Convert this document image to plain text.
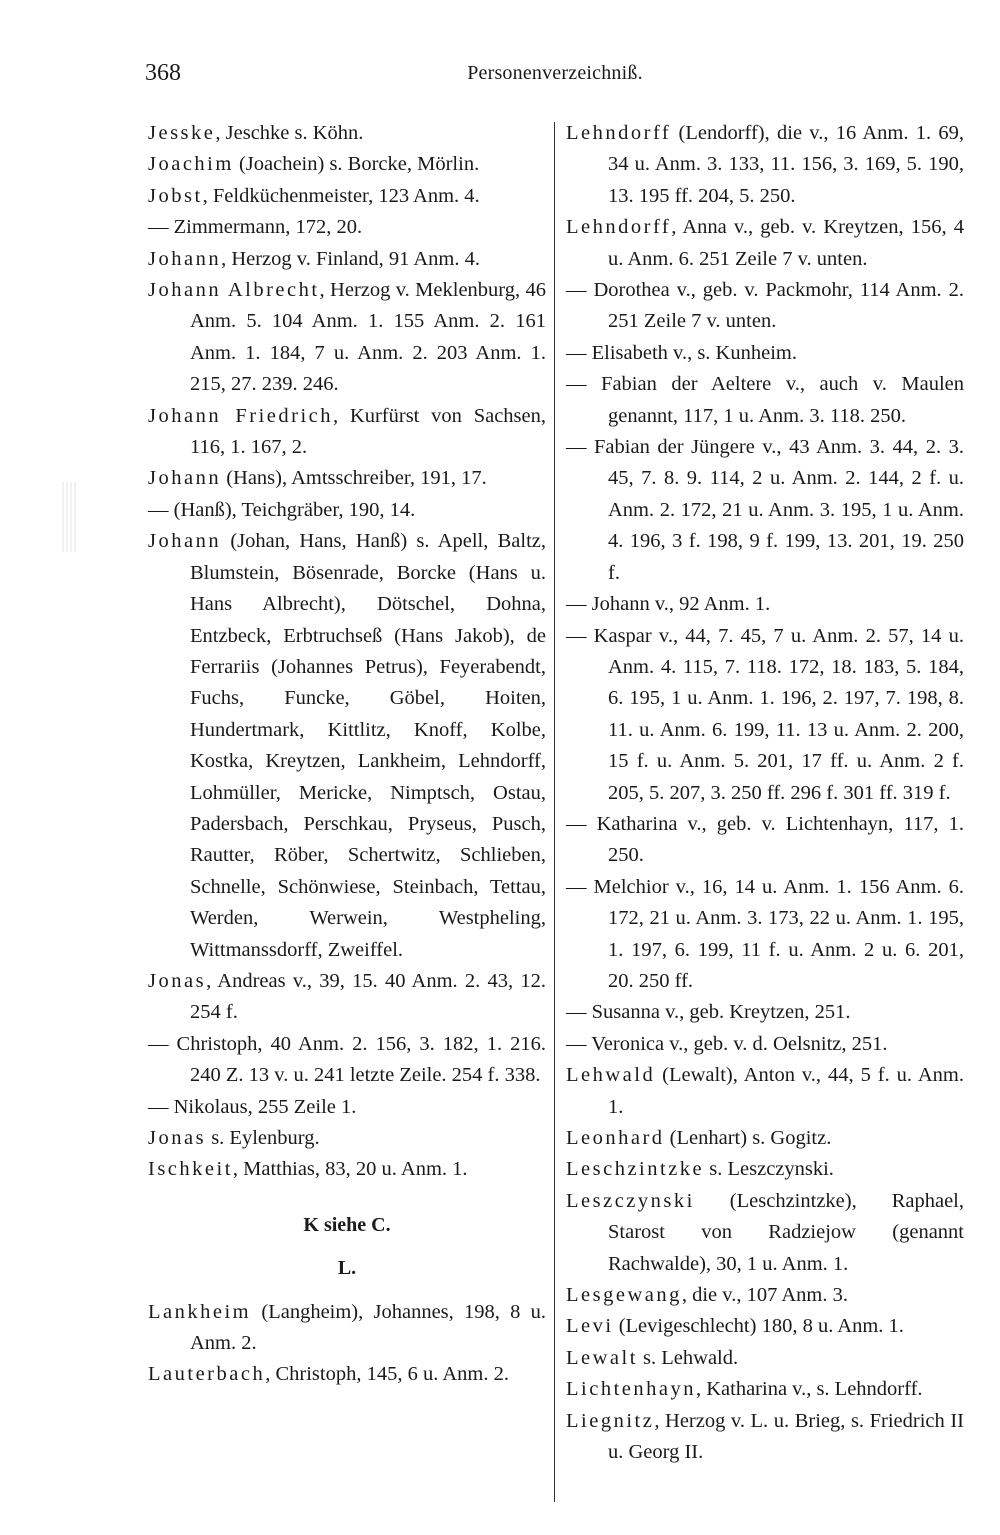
368	Personenverzeichniß.

Jesske, Jeschke s. Köhn.

Joachim (Joachein) s. Borcke, Mörlin.

Jobst, Feldküchenmeister, 123 Anm. 4.

— Zimmermann, 172, 20.

Johann, Herzog v. Finland, 91 Anm. 4.

Johann Albrecht, Herzog v. Meklenburg, 46 Anm. 5. 104 Anm. 1. 155 Anm. 2. 161 Anm. 1. 184, 7 u. Anm. 2. 203 Anm. 1. 215, 27. 239. 246.

Johann Friedrich, Kurfürst von Sachsen, 116, 1. 167, 2.

Johann (Hans), Amtsschreiber, 191, 17.

— (Hanß), Teichgräber, 190, 14.

Johann (Johan, Hans, Hanß) s. Apell, Baltz, Blumstein, Bösenrade, Borcke (Hans u. Hans Albrecht), Dötschel, Dohna, Entzbeck, Erbtruchseß (Hans Jakob), de Ferrariis (Johannes Petrus), Feyerabendt, Fuchs, Funcke, Göbel, Hoiten, Hundertmark, Kittlitz, Knoff, Kolbe, Kostka, Kreytzen, Lankheim, Lehndorff, Lohmüller, Mericke, Nimptsch, Ostau, Padersbach, Perschkau, Pryseus, Pusch, Rautter, Röber, Schertwitz, Schlieben, Schnelle, Schönwiese, Steinbach, Tettau, Werden, Werwein, Westpheling, Wittmanssdorff, Zweiffel.

Jonas, Andreas v., 39, 15. 40 Anm. 2. 43, 12. 254 f.

— Christoph, 40 Anm. 2. 156, 3. 182, 1. 216. 240 Z. 13 v. u. 241 letzte Zeile. 254 f. 338.

— Nikolaus, 255 Zeile 1.

Jonas s. Eylenburg.

Ischkeit, Matthias, 83, 20 u. Anm. 1.

K siehe C.

L.

Lankheim (Langheim), Johannes, 198, 8 u. Anm. 2.

Lauterbach, Christoph, 145, 6 u. Anm. 2.

Lehndorff (Lendorff), die v., 16 Anm. 1. 69, 34 u. Anm. 3. 133, 11. 156, 3. 169, 5. 190, 13. 195 ff. 204, 5. 250.

Lehndorff, Anna v., geb. v. Kreytzen, 156, 4 u. Anm. 6. 251 Zeile 7 v. unten.

— Dorothea v., geb. v. Packmohr, 114 Anm. 2. 251 Zeile 7 v. unten.

— Elisabeth v., s. Kunheim.

— Fabian der Aeltere v., auch v. Maulen genannt, 117, 1 u. Anm. 3. 118. 250.

— Fabian der Jüngere v., 43 Anm. 3. 44, 2. 3. 45, 7. 8. 9. 114, 2 u. Anm. 2. 144, 2 f. u. Anm. 2. 172, 21 u. Anm. 3. 195, 1 u. Anm. 4. 196, 3 f. 198, 9 f. 199, 13. 201, 19. 250 f.

— Johann v., 92 Anm. 1.

— Kaspar v., 44, 7. 45, 7 u. Anm. 2. 57, 14 u. Anm. 4. 115, 7. 118. 172, 18. 183, 5. 184, 6. 195, 1 u. Anm. 1. 196, 2. 197, 7. 198, 8. 11. u. Anm. 6. 199, 11. 13 u. Anm. 2. 200, 15 f. u. Anm. 5. 201, 17 ff. u. Anm. 2 f. 205, 5. 207, 3. 250 ff. 296 f. 301 ff. 319 f.

— Katharina v., geb. v. Lichtenhayn, 117, 1. 250.

— Melchior v., 16, 14 u. Anm. 1. 156 Anm. 6. 172, 21 u. Anm. 3. 173, 22 u. Anm. 1. 195, 1. 197, 6. 199, 11 f. u. Anm. 2 u. 6. 201, 20. 250 ff.

— Susanna v., geb. Kreytzen, 251.

— Veronica v., geb. v. d. Oelsnitz, 251.

Lehwald (Lewalt), Anton v., 44, 5 f. u. Anm. 1.

Leonhard (Lenhart) s. Gogitz.

Leschzintzke s. Leszczynski.

Leszczynski (Leschzintzke), Raphael, Starost von Radziejow (genannt Rachwalde), 30, 1 u. Anm. 1.

Lesgewang, die v., 107 Anm. 3.

Levi (Levigeschlecht) 180, 8 u. Anm. 1.

Lewalt s. Lehwald.

Lichtenhayn, Katharina v., s. Lehndorff.

Liegnitz, Herzog v. L. u. Brieg, s. Friedrich II u. Georg II.
